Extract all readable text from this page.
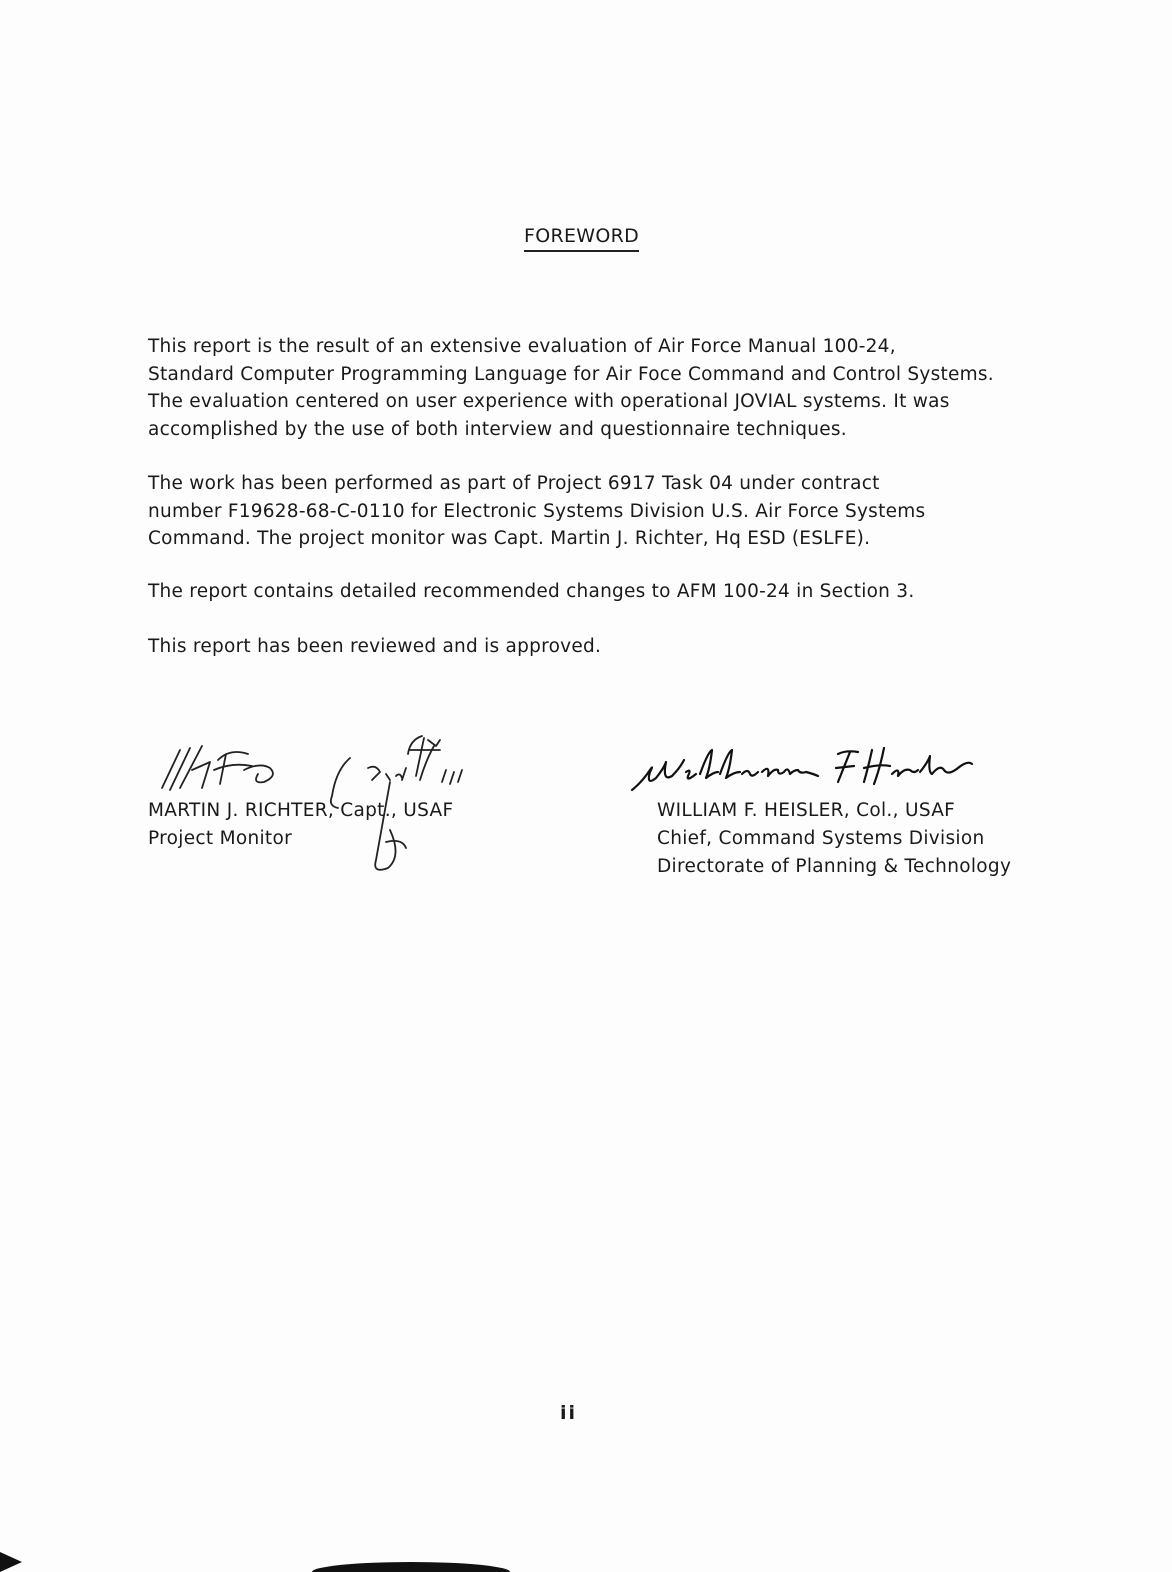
FOREWORD
This report is the result of an extensive evaluation of Air Force Manual 100-24,
Standard Computer Programming Language for Air Foce Command and Control Systems.
The evaluation centered on user experience with operational JOVIAL systems. It was
accomplished by the use of both interview and questionnaire techniques.
The work has been performed as part of Project 6917 Task 04 under contract
number F19628-68-C-0110 for Electronic Systems Division U.S. Air Force Systems
Command. The project monitor was Capt. Martin J. Richter, Hq ESD (ESLFE).
The report contains detailed recommended changes to AFM 100-24 in Section 3.
This report has been reviewed and is approved.
MARTIN J. RICHTER, Capt., USAF
Project Monitor
WILLIAM F. HEISLER, Col., USAF
Chief, Command Systems Division
Directorate of Planning & Technology
ii
